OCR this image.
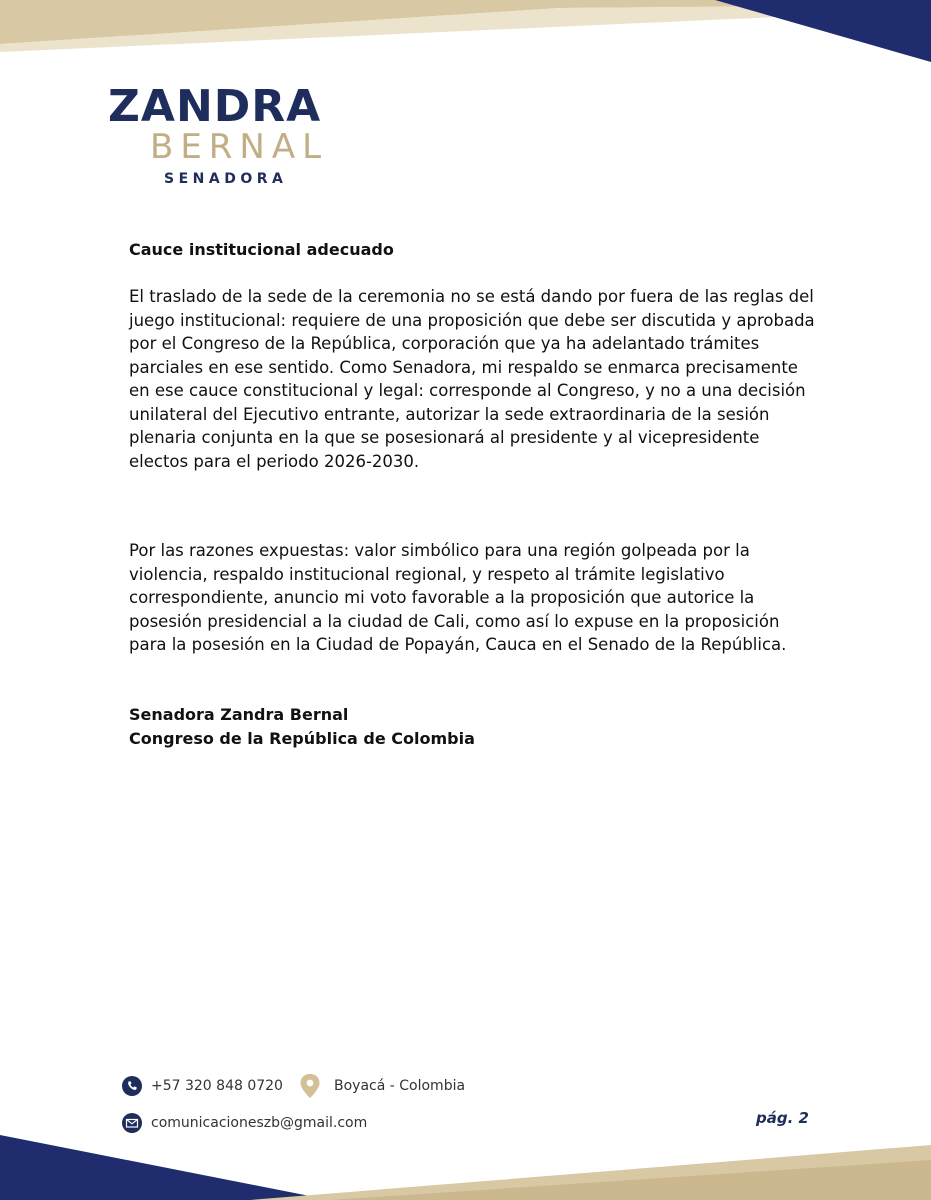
ZANDRA
BERNAL
SENADORA
Cauce institucional adecuado

El traslado de la sede de la ceremonia no se está dando por fuera de las reglas del juego institucional: requiere de una proposición que debe ser discutida y aprobada por el Congreso de la República, corporación que ya ha adelantado trámites parciales en ese sentido. Como Senadora, mi respaldo se enmarca precisamente en ese cauce constitucional y legal: corresponde al Congreso, y no a una decisión unilateral del Ejecutivo entrante, autorizar la sede extraordinaria de la sesión plenaria conjunta en la que se posesionará al presidente y al vicepresidente electos para el periodo 2026-2030.

Por las razones expuestas: valor simbólico para una región golpeada por la violencia, respaldo institucional regional, y respeto al trámite legislativo correspondiente, anuncio mi voto favorable a la proposición que autorice la posesión presidencial a la ciudad de Cali, como así lo expuse en la proposición para la posesión en la Ciudad de Popayán, Cauca en el Senado de la República.

Senadora Zandra Bernal
Congreso de la República de Colombia
+57 320 848 0720	Boyacá - Colombia
comunicacioneszb@gmail.com	pág. 2
